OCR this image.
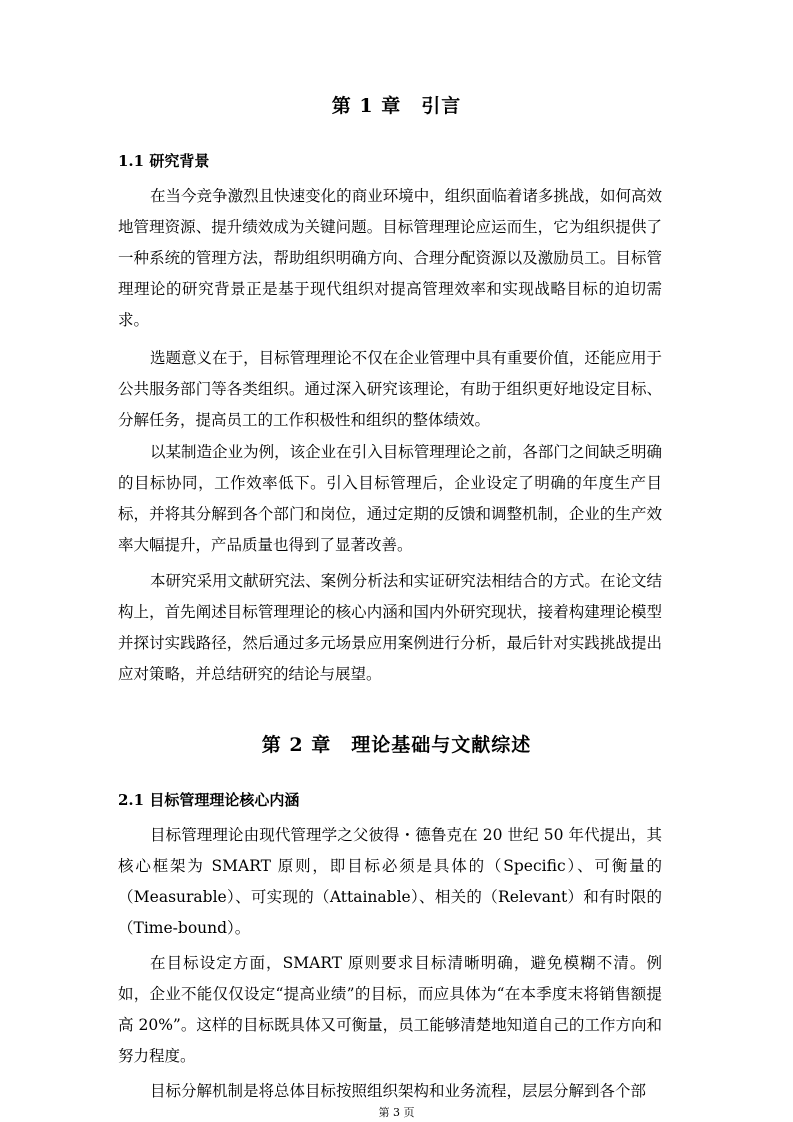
第 1 章　引言
1.1 研究背景

在当今竞争激烈且快速变化的商业环境中，组织面临着诸多挑战，如何高效地管理资源、提升绩效成为关键问题。目标管理理论应运而生，它为组织提供了一种系统的管理方法，帮助组织明确方向、合理分配资源以及激励员工。目标管理理论的研究背景正是基于现代组织对提高管理效率和实现战略目标的迫切需求。

选题意义在于，目标管理理论不仅在企业管理中具有重要价值，还能应用于公共服务部门等各类组织。通过深入研究该理论，有助于组织更好地设定目标、分解任务，提高员工的工作积极性和组织的整体绩效。

以某制造企业为例，该企业在引入目标管理理论之前，各部门之间缺乏明确的目标协同，工作效率低下。引入目标管理后，企业设定了明确的年度生产目标，并将其分解到各个部门和岗位，通过定期的反馈和调整机制，企业的生产效率大幅提升，产品质量也得到了显著改善。

本研究采用文献研究法、案例分析法和实证研究法相结合的方式。在论文结构上，首先阐述目标管理理论的核心内涵和国内外研究现状，接着构建理论模型并探讨实践路径，然后通过多元场景应用案例进行分析，最后针对实践挑战提出应对策略，并总结研究的结论与展望。

第 2 章　理论基础与文献综述
2.1 目标管理理论核心内涵

目标管理理论由现代管理学之父彼得・德鲁克在 20 世纪 50 年代提出，其核心框架为 SMART 原则，即目标必须是具体的（Specific）、可衡量的（Measurable）、可实现的（Attainable）、相关的（Relevant）和有时限的（Time-bound）。

在目标设定方面，SMART 原则要求目标清晰明确，避免模糊不清。例如，企业不能仅仅设定“提高业绩”的目标，而应具体为“在本季度末将销售额提高 20%”。这样的目标既具体又可衡量，员工能够清楚地知道自己的工作方向和努力程度。

目标分解机制是将总体目标按照组织架构和业务流程，层层分解到各个部

第 3 页
